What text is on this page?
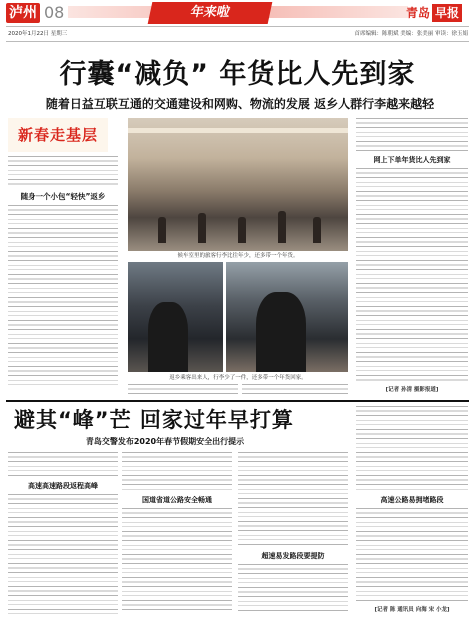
泸州 08	年来啦	青岛 早报
2020年1月22日 星期三	首席编辑：陈朝斌 美编：张美丽 审读：徐玉娟
行囊“减负” 年货比人先到家
随着日益互联互通的交通建设和网购、物流的发展 返乡人群行李越来越轻
新春走基层
随身一个小包“轻快”返乡
候车室里的旅客行李比往年少，还多带一个年货。
返乡乘客出来人，行李少了一件，还多带一个年货回家。
网上下单年货比人先到家
[记者 孙清 摄影报道]
避其“峰”芒 回家过年早打算
青岛交警发布2020年春节假期安全出行提示
高速高速路段返程高峰
国道省道公路安全畅通
超速易发路段要提防
高速公路易拥堵路段
[记者 陈 通讯员 向海 宋 小龙]
